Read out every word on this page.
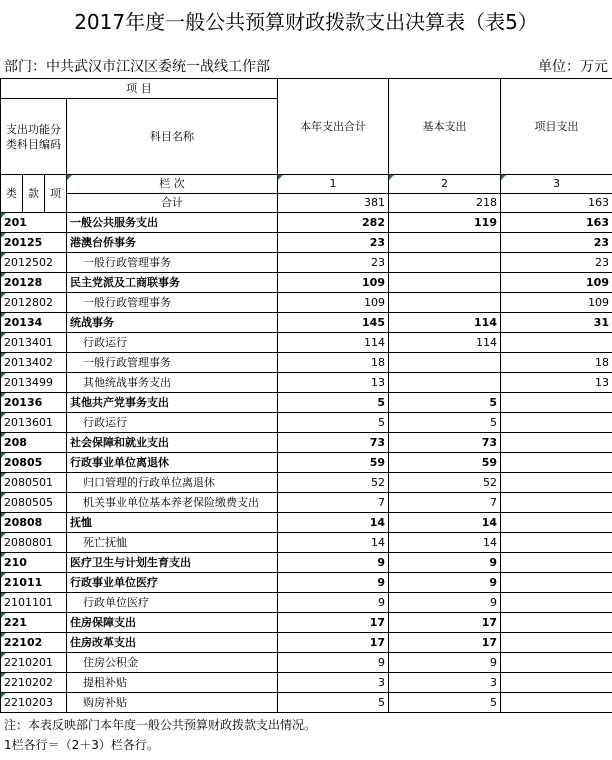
2017年度一般公共预算财政拨款支出决算表（表5）
部门：中共武汉市江汉区委统一战线工作部	单位：万元
项 目				本年支出合计	基本支出	项目支出
支出功能分类科目编码			科目名称			
类	款	项	栏 次	1	2	3
			合计	381	218	163
201			一般公共服务支出	282	119	163
20125			港澳台侨事务	23		23
2012502			一般行政管理事务	23		23
20128			民主党派及工商联事务	109		109
2012802			一般行政管理事务	109		109
20134			统战事务	145	114	31
2013401			行政运行	114	114	
2013402			一般行政管理事务	18		18
2013499			其他统战事务支出	13		13
20136			其他共产党事务支出	5	5	
2013601			行政运行	5	5	
208			社会保障和就业支出	73	73	
20805			行政事业单位离退休	59	59	
2080501			归口管理的行政单位离退休	52	52	
2080505			机关事业单位基本养老保险缴费支出	7	7	
20808			抚恤	14	14	
2080801			死亡抚恤	14	14	
210			医疗卫生与计划生育支出	9	9	
21011			行政事业单位医疗	9	9	
2101101			行政单位医疗	9	9	
221			住房保障支出	17	17	
22102			住房改革支出	17	17	
2210201			住房公积金	9	9	
2210202			提租补贴	3	3	
2210203			购房补贴	5	5	
注：本表反映部门本年度一般公共预算财政拨款支出情况。
1栏各行＝（2＋3）栏各行。
